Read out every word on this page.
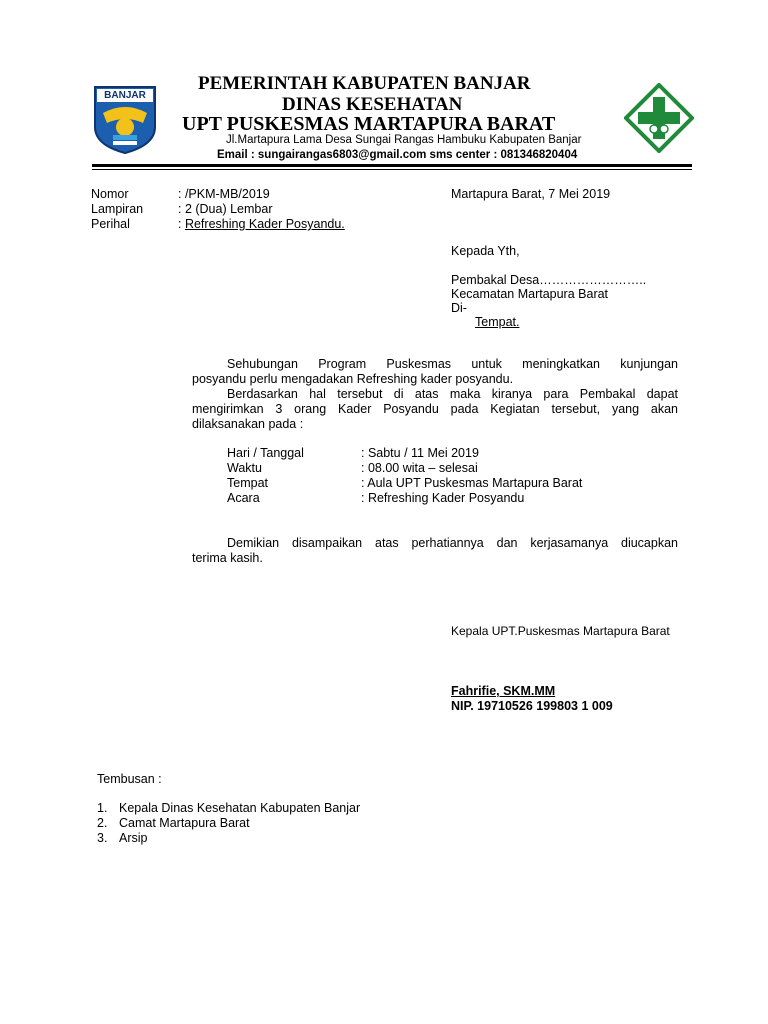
BANJAR
PEMERINTAH KABUPATEN BANJAR
DINAS KESEHATAN
UPT PUSKESMAS MARTAPURA BARAT
Jl.Martapura Lama Desa Sungai Rangas Hambuku Kabupaten Banjar
Email : sungairangas6803@gmail.com sms center : 081346820404
Nomor	: /PKM-MB/2019
Lampiran	: 2 (Dua) Lembar
Perihal	: Refreshing Kader Posyandu.
Martapura Barat, 7 Mei 2019
Kepada Yth,
Pembakal Desa……………………..
Kecamatan Martapura Barat
Di-
Tempat.
Sehubungan Program Puskesmas untuk meningkatkan kunjungan
posyandu perlu mengadakan Refreshing kader posyandu.
Berdasarkan hal tersebut di atas maka kiranya para Pembakal dapat
mengirimkan 3 orang Kader Posyandu pada Kegiatan tersebut, yang akan
dilaksanakan pada :
Hari / Tanggal	: Sabtu / 11 Mei 2019
Waktu	: 08.00 wita – selesai
Tempat	: Aula UPT Puskesmas Martapura Barat
Acara	: Refreshing Kader Posyandu
Demikian disampaikan atas perhatiannya dan kerjasamanya diucapkan
terima kasih.
Kepala UPT.Puskesmas Martapura Barat
Fahrifie, SKM.MM
NIP. 19710526 199803 1 009
Tembusan :
1. Kepala Dinas Kesehatan Kabupaten Banjar
2. Camat Martapura Barat
3. Arsip
